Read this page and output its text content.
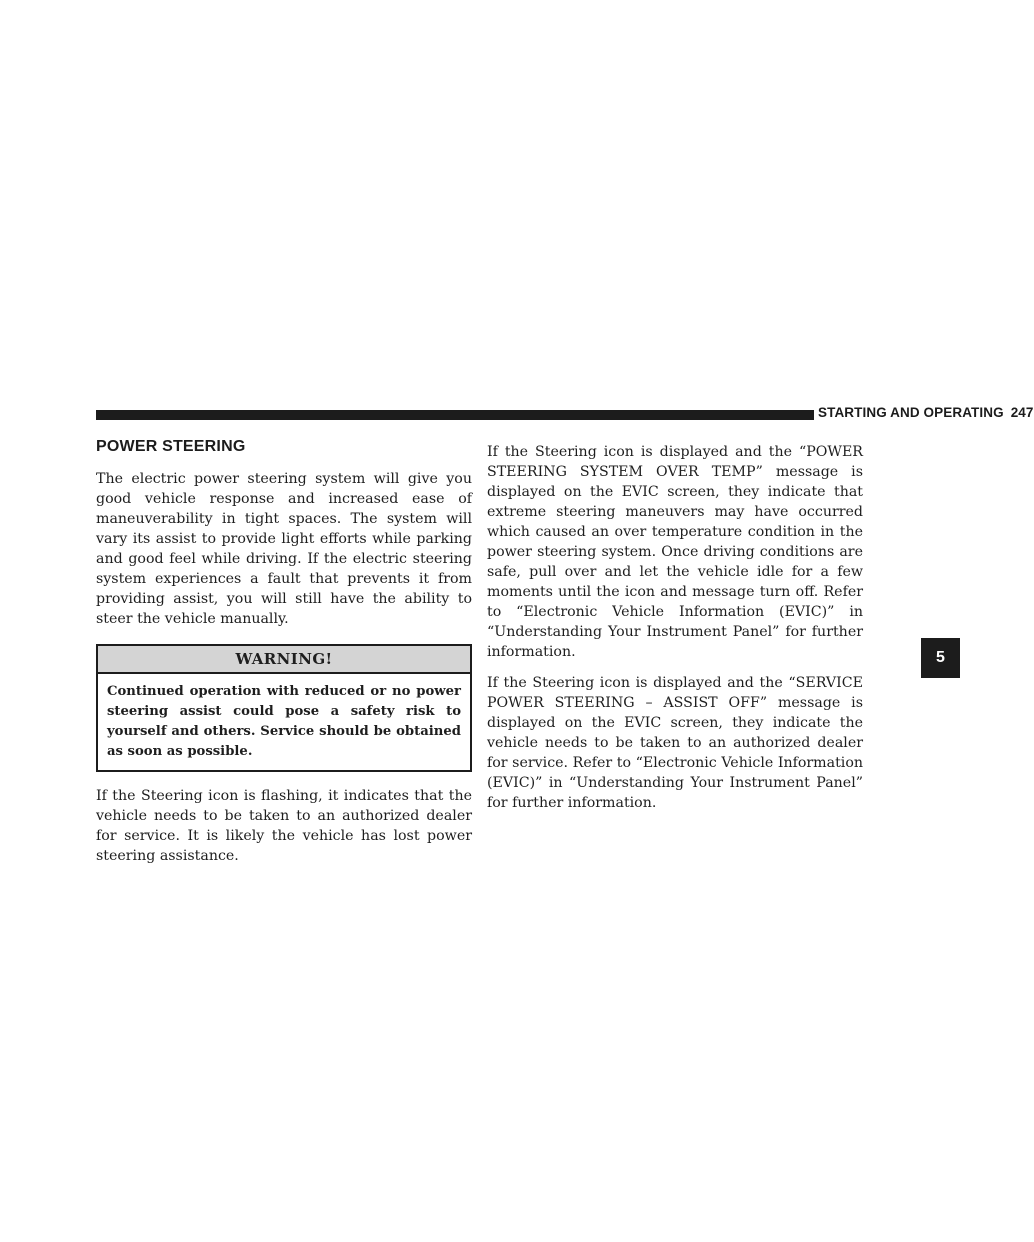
STARTING AND OPERATING 247
5
POWER STEERING

The electric power steering system will give you good vehicle response and increased ease of maneuverability in tight spaces. The system will vary its assist to provide light efforts while parking and good feel while driving. If the electric steering system experiences a fault that prevents it from providing assist, you will still have the ability to steer the vehicle manually.

WARNING!
Continued operation with reduced or no power steering assist could pose a safety risk to yourself and others. Service should be obtained as soon as possible.

If the Steering icon is flashing, it indicates that the vehicle needs to be taken to an authorized dealer for service. It is likely the vehicle has lost power steering assistance.

If the Steering icon is displayed and the “POWER STEERING SYSTEM OVER TEMP” message is displayed on the EVIC screen, they indicate that extreme steering maneuvers may have occurred which caused an over temperature condition in the power steering system. Once driving conditions are safe, pull over and let the vehicle idle for a few moments until the icon and message turn off. Refer to “Electronic Vehicle Information (EVIC)” in “Understanding Your Instrument Panel” for further information.

If the Steering icon is displayed and the “SERVICE POWER STEERING – ASSIST OFF” message is displayed on the EVIC screen, they indicate the vehicle needs to be taken to an authorized dealer for service. Refer to “Electronic Vehicle Information (EVIC)” in “Understanding Your Instrument Panel” for further information.
